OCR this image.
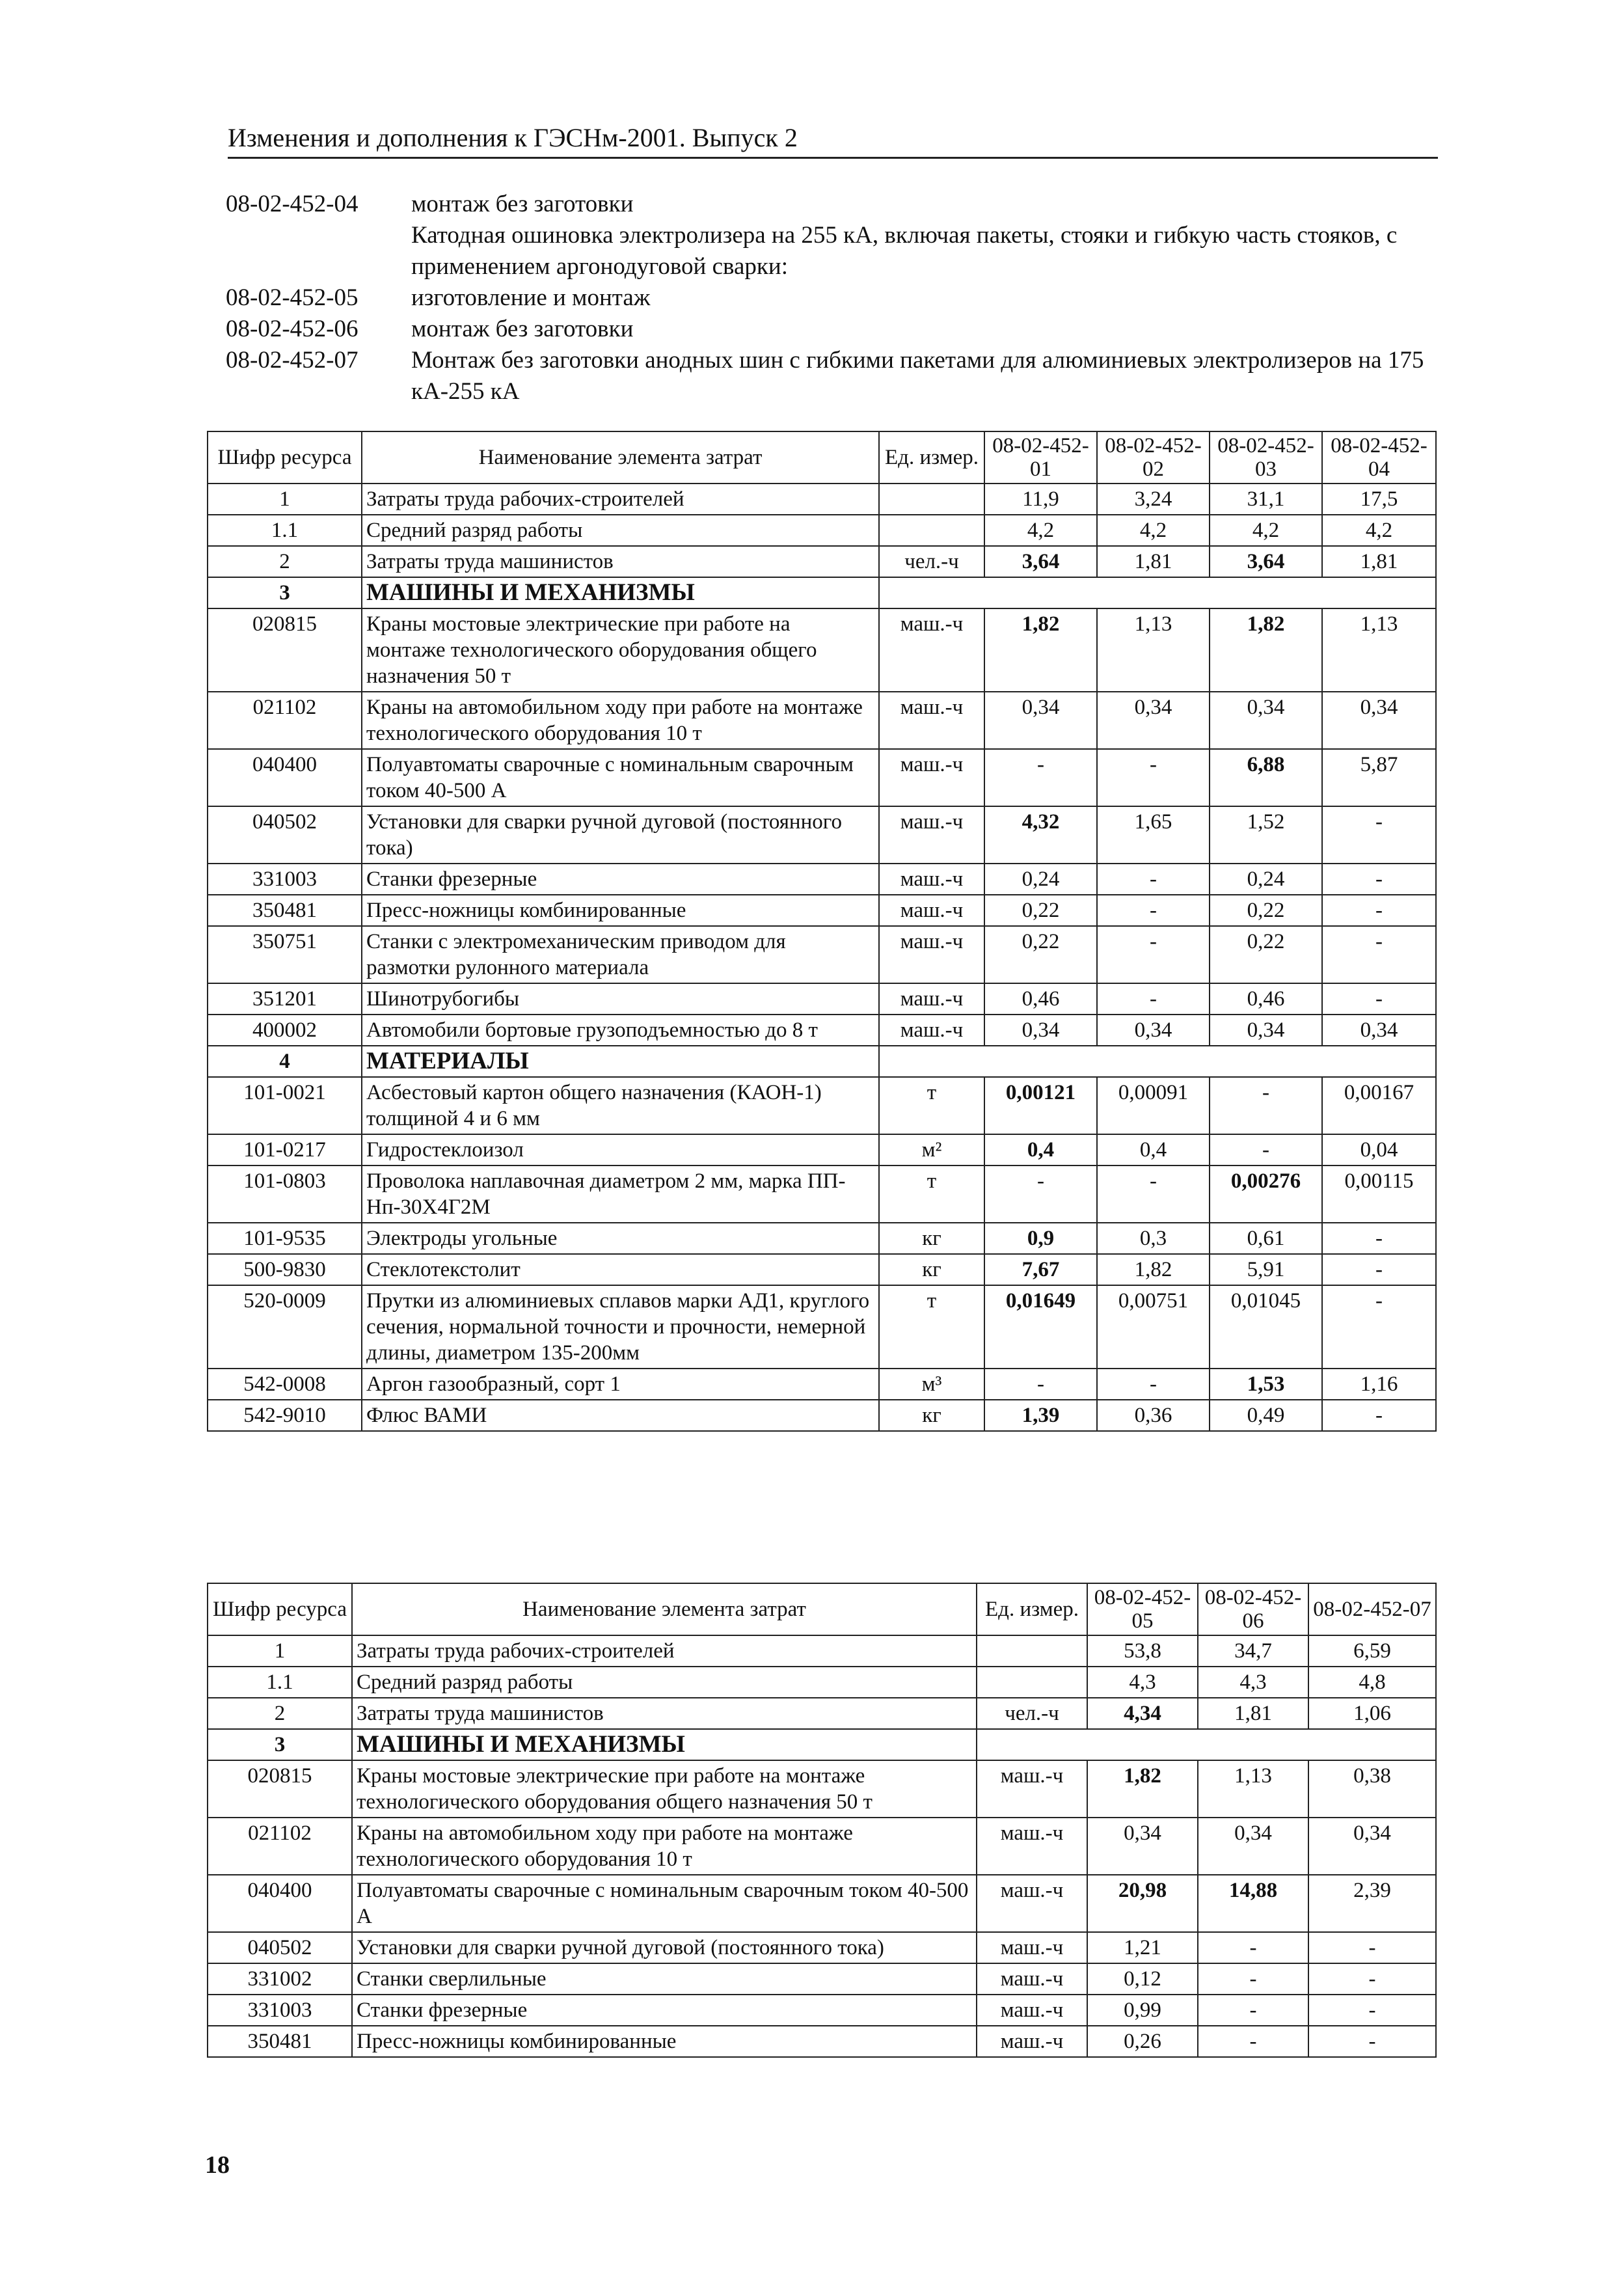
Изменения и дополнения к ГЭСНм-2001. Выпуск 2
08-02-452-04	монтаж без заготовки
Катодная ошиновка электролизера на 255 кА, включая пакеты, стояки и гибкую часть стояков, с применением аргонодуговой сварки:
08-02-452-05	изготовление и монтаж
08-02-452-06	монтаж без заготовки
08-02-452-07	Монтаж без заготовки анодных шин с гибкими пакетами для алюминиевых электролизеров на 175 кА-255 кА
Шифр ресурса	Наименование элемента затрат	Ед. измер.	08-02-452-01	08-02-452-02	08-02-452-03	08-02-452-04
1	Затраты труда рабочих-строителей		11,9	3,24	31,1	17,5
1.1	Средний разряд работы		4,2	4,2	4,2	4,2
2	Затраты труда машинистов	чел.-ч	3,64	1,81	3,64	1,81
3	МАШИНЫ И МЕХАНИЗМЫ					
020815	Краны мостовые электрические при работе на монтаже технологического оборудования общего назначения 50 т	маш.-ч	1,82	1,13	1,82	1,13
021102	Краны на автомобильном ходу при работе на монтаже технологического оборудования 10 т	маш.-ч	0,34	0,34	0,34	0,34
040400	Полуавтоматы сварочные с номинальным сварочным током 40-500 А	маш.-ч	-	-	6,88	5,87
040502	Установки для сварки ручной дуговой (постоянного тока)	маш.-ч	4,32	1,65	1,52	-
331003	Станки фрезерные	маш.-ч	0,24	-	0,24	-
350481	Пресс-ножницы комбинированные	маш.-ч	0,22	-	0,22	-
350751	Станки с электромеханическим приводом для размотки рулонного материала	маш.-ч	0,22	-	0,22	-
351201	Шинотрубогибы	маш.-ч	0,46	-	0,46	-
400002	Автомобили бортовые грузоподъемностью до 8 т	маш.-ч	0,34	0,34	0,34	0,34
4	МАТЕРИАЛЫ					
101-0021	Асбестовый картон общего назначения (КАОН-1) толщиной 4 и 6 мм	т	0,00121	0,00091	-	0,00167
101-0217	Гидростеклоизол	м²	0,4	0,4	-	0,04
101-0803	Проволока наплавочная диаметром 2 мм, марка ПП-Нп-30Х4Г2М	т	-	-	0,00276	0,00115
101-9535	Электроды угольные	кг	0,9	0,3	0,61	-
500-9830	Стеклотекстолит	кг	7,67	1,82	5,91	-
520-0009	Прутки из алюминиевых сплавов марки АД1, круглого сечения, нормальной точности и прочности, немерной длины, диаметром 135-200мм	т	0,01649	0,00751	0,01045	-
542-0008	Аргон газообразный, сорт 1	м³	-	-	1,53	1,16
542-9010	Флюс ВАМИ	кг	1,39	0,36	0,49	-
Шифр ресурса	Наименование элемента затрат	Ед. измер.	08-02-452-05	08-02-452-06	08-02-452-07
1	Затраты труда рабочих-строителей		53,8	34,7	6,59
1.1	Средний разряд работы		4,3	4,3	4,8
2	Затраты труда машинистов	чел.-ч	4,34	1,81	1,06
3	МАШИНЫ И МЕХАНИЗМЫ				
020815	Краны мостовые электрические при работе на монтаже технологического оборудования общего назначения 50 т	маш.-ч	1,82	1,13	0,38
021102	Краны на автомобильном ходу при работе на монтаже технологического оборудования 10 т	маш.-ч	0,34	0,34	0,34
040400	Полуавтоматы сварочные с номинальным сварочным током 40-500 А	маш.-ч	20,98	14,88	2,39
040502	Установки для сварки ручной дуговой (постоянного тока)	маш.-ч	1,21	-	-
331002	Станки сверлильные	маш.-ч	0,12	-	-
331003	Станки фрезерные	маш.-ч	0,99	-	-
350481	Пресс-ножницы комбинированные	маш.-ч	0,26	-	-
18
